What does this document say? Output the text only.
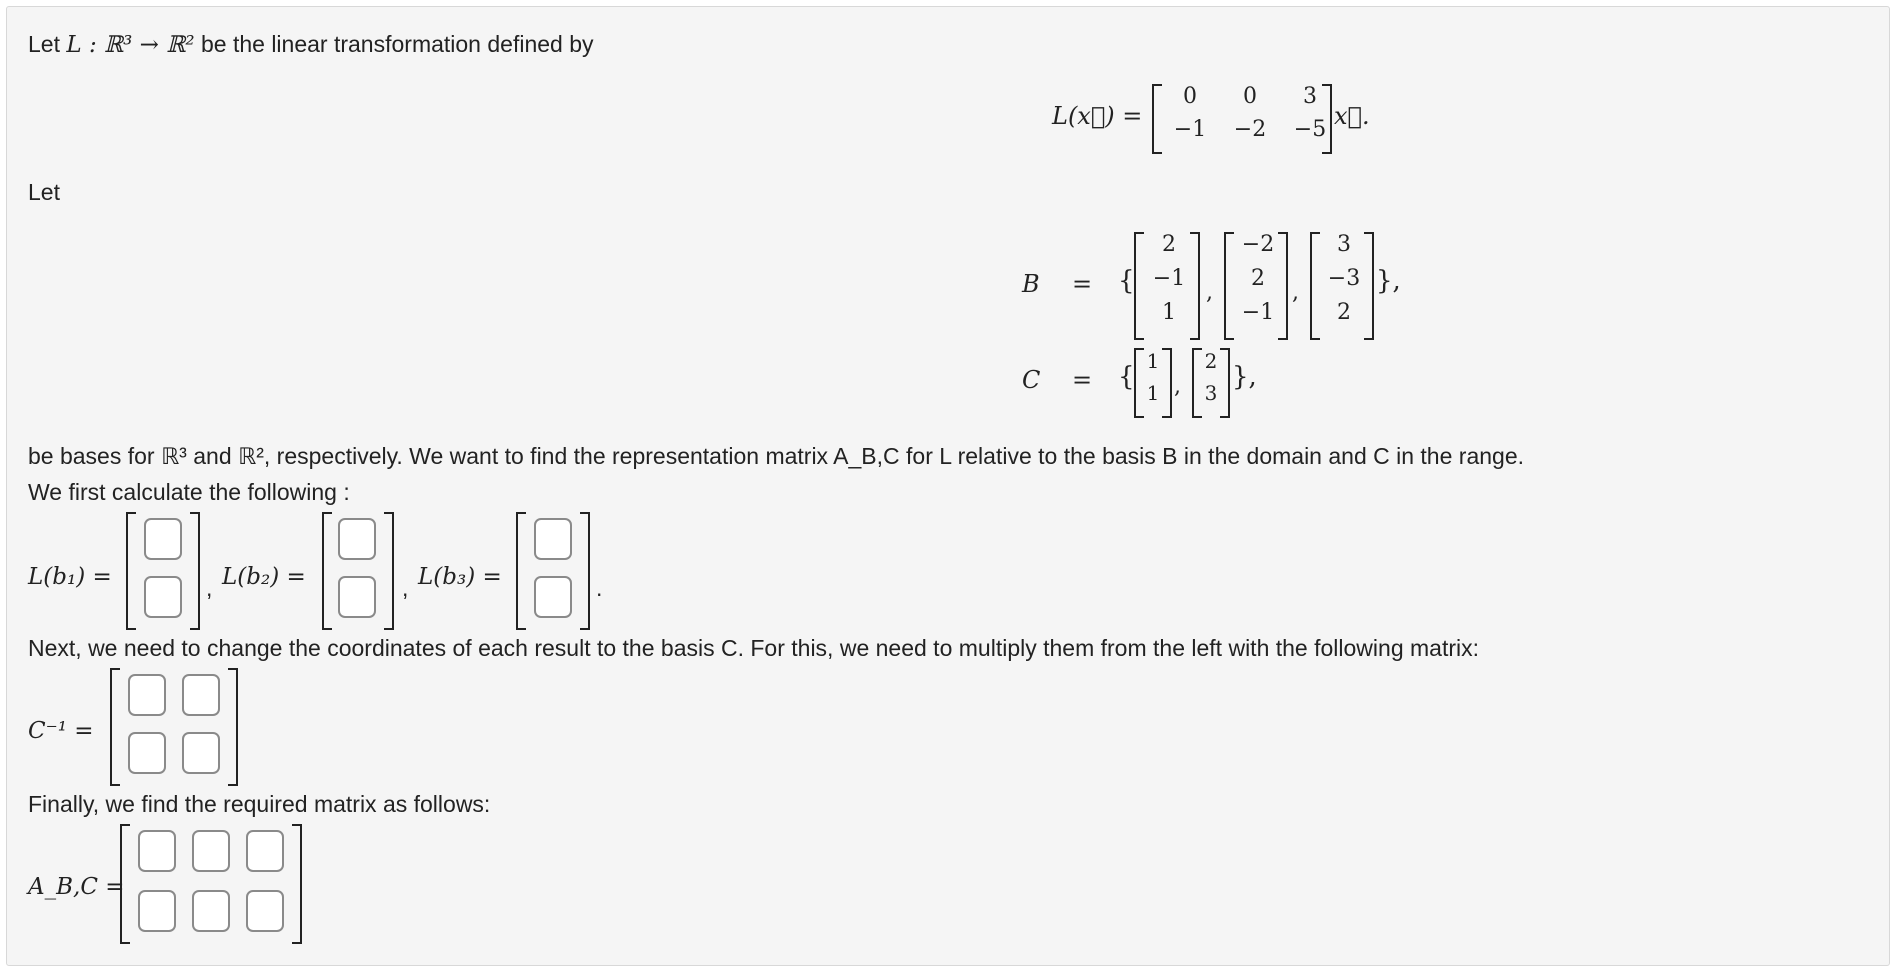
Let L : ℝ³ → ℝ² be the linear transformation defined by
L(x⃗) =
0	0	3
−1	−2	−5 x⃗.
Let
B = {
2
−1
1
,
−2
2
−1
,
3
−3
2
},
C = {
1
1 ,
2
3
},
be bases for ℝ³ and ℝ², respectively. We want to find the representation matrix A_B,C for L relative to the basis B in the domain and C in the range.
We first calculate the following :
L(b₁) =	, L(b₂) =	, L(b₃) =	.
Next, we need to change the coordinates of each result to the basis C. For this, we need to multiply them from the left with the following matrix:
C⁻¹ =
Finally, we find the required matrix as follows:
A_B,C =
